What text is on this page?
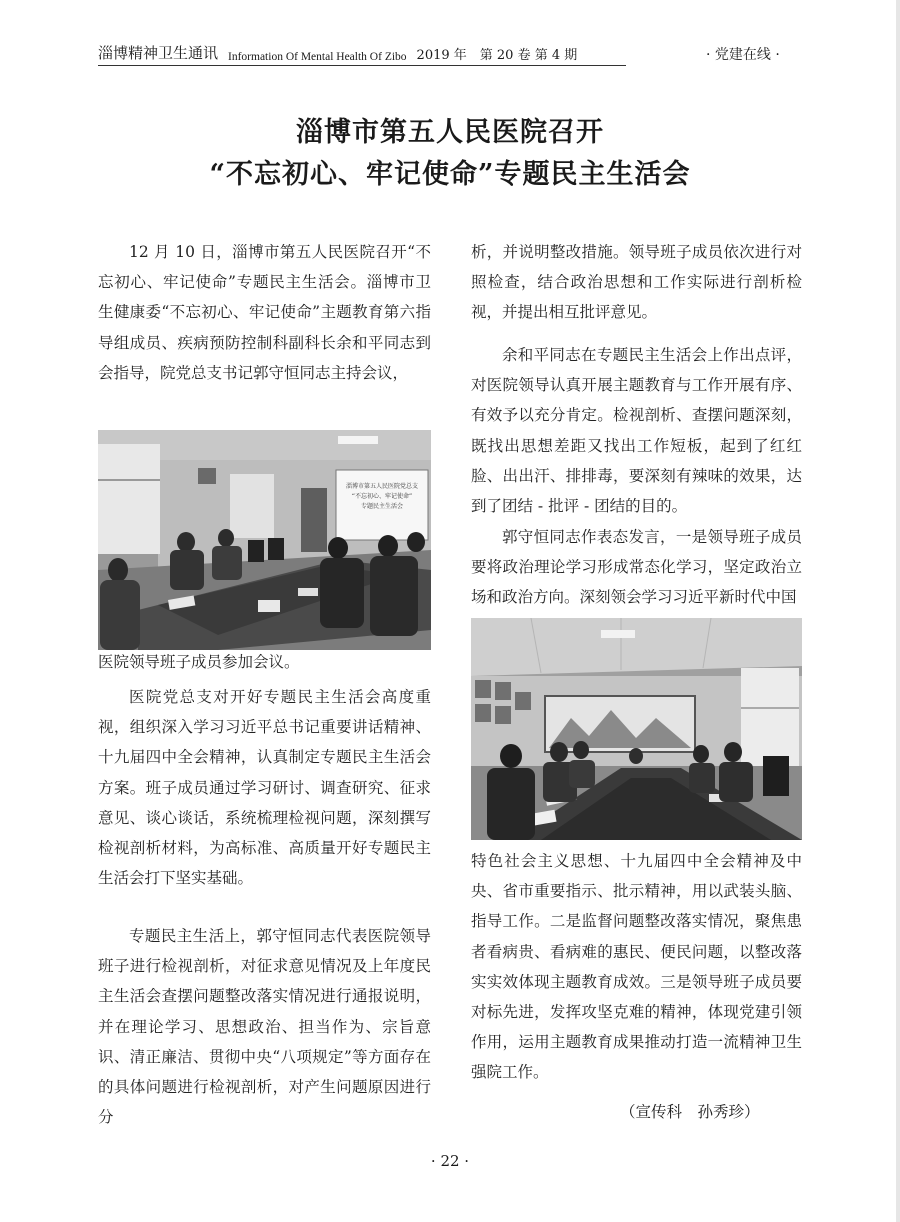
淄博精神卫生通讯 Information Of Mental Health Of Zibo 2019 年　第 20 卷 第 4 期	· 党建在线 ·
淄博市第五人民医院召开
“不忘初心、牢记使命”专题民主生活会

12 月 10 日，淄博市第五人民医院召开“不忘初心、牢记使命”专题民主生活会。淄博市卫生健康委“不忘初心、牢记使命”主题教育第六指导组成员、疾病预防控制科副科长余和平同志到会指导，院党总支书记郭守恒同志主持会议，

淄博市第五人民医院党总支
“不忘初心、牢记使命”
专题民主生活会
医院领导班子成员参加会议。

医院党总支对开好专题民主生活会高度重视，组织深入学习习近平总书记重要讲话精神、十九届四中全会精神，认真制定专题民主生活会方案。班子成员通过学习研讨、调查研究、征求意见、谈心谈话，系统梳理检视问题，深刻撰写检视剖析材料，为高标准、高质量开好专题民主生活会打下坚实基础。

专题民主生活上，郭守恒同志代表医院领导班子进行检视剖析，对征求意见情况及上年度民主生活会查摆问题整改落实情况进行通报说明，并在理论学习、思想政治、担当作为、宗旨意识、清正廉洁、贯彻中央“八项规定”等方面存在的具体问题进行检视剖析，对产生问题原因进行分

析，并说明整改措施。领导班子成员依次进行对照检查，结合政治思想和工作实际进行剖析检视，并提出相互批评意见。

余和平同志在专题民主生活会上作出点评，对医院领导认真开展主题教育与工作开展有序、有效予以充分肯定。检视剖析、查摆问题深刻，既找出思想差距又找出工作短板，起到了红红脸、出出汗、排排毒，要深刻有辣味的效果，达到了团结 - 批评 - 团结的目的。

郭守恒同志作表态发言，一是领导班子成员要将政治理论学习形成常态化学习，坚定政治立场和政治方向。深刻领会学习习近平新时代中国

特色社会主义思想、十九届四中全会精神及中央、省市重要指示、批示精神，用以武装头脑、指导工作。二是监督问题整改落实情况，聚焦患者看病贵、看病难的惠民、便民问题，以整改落实实效体现主题教育成效。三是领导班子成员要对标先进，发挥攻坚克难的精神，体现党建引领作用，运用主题教育成果推动打造一流精神卫生强院工作。

（宣传科　孙秀珍）
· 22 ·
